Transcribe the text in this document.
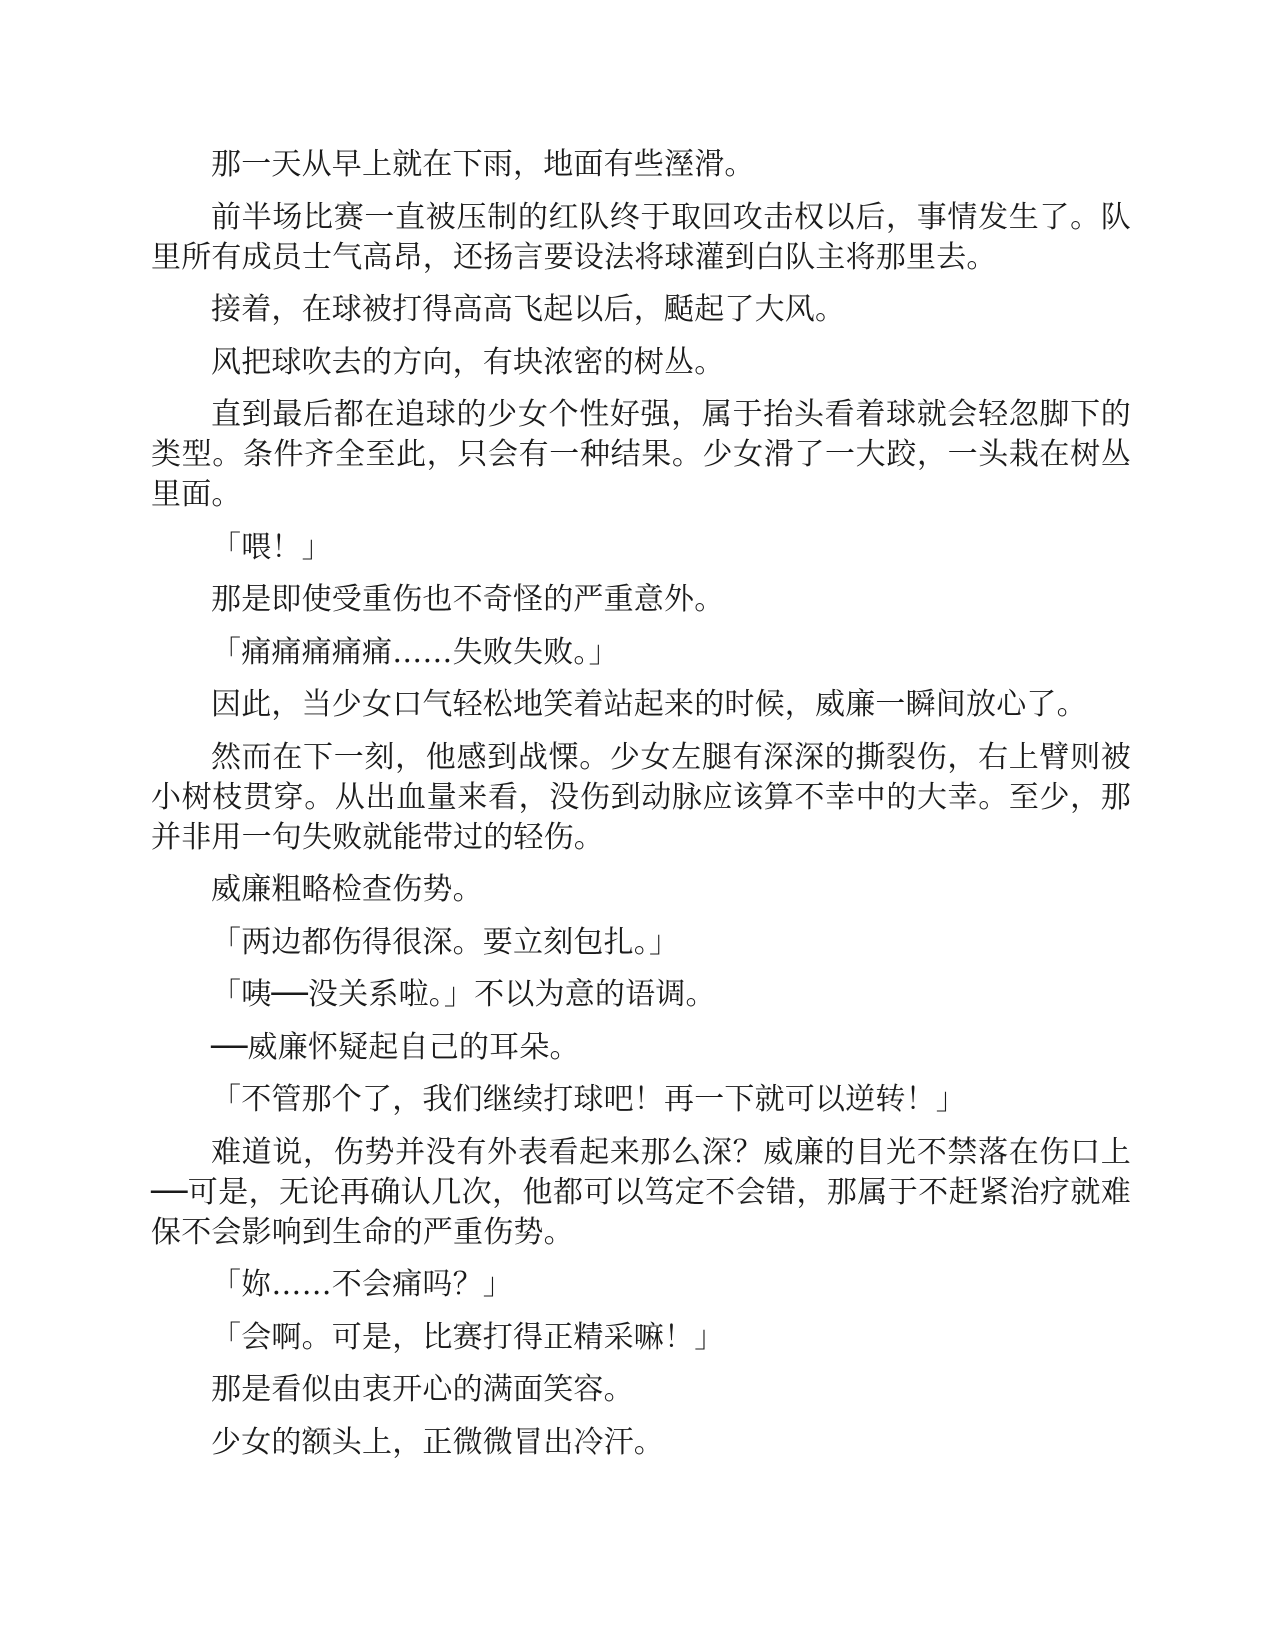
那一天从早上就在下雨，地面有些溼滑。

前半场比赛一直被压制的红队终于取回攻击权以后，事情发生了。队里所有成员士气高昂，还扬言要设法将球灌到白队主将那里去。

接着，在球被打得高高飞起以后，颳起了大风。

风把球吹去的方向，有块浓密的树丛。

直到最后都在追球的少女个性好强，属于抬头看着球就会轻忽脚下的类型。条件齐全至此，只会有一种结果。少女滑了一大跤，一头栽在树丛里面。

「喂！」

那是即使受重伤也不奇怪的严重意外。

「痛痛痛痛痛……失败失败。」

因此，当少女口气轻松地笑着站起来的时候，威廉一瞬间放心了。

然而在下一刻，他感到战慄。少女左腿有深深的撕裂伤，右上臂则被小树枝贯穿。从出血量来看，没伤到动脉应该算不幸中的大幸。至少，那并非用一句失败就能带过的轻伤。

威廉粗略检查伤势。

「两边都伤得很深。要立刻包扎。」

「咦──没关系啦。」不以为意的语调。

──威廉怀疑起自己的耳朵。

「不管那个了，我们继续打球吧！再一下就可以逆转！」

难道说，伤势并没有外表看起来那么深？威廉的目光不禁落在伤口上──可是，无论再确认几次，他都可以笃定不会错，那属于不赶紧治疗就难保不会影响到生命的严重伤势。

「妳……不会痛吗？」

「会啊。可是，比赛打得正精采嘛！」

那是看似由衷开心的满面笑容。

少女的额头上，正微微冒出冷汗。
